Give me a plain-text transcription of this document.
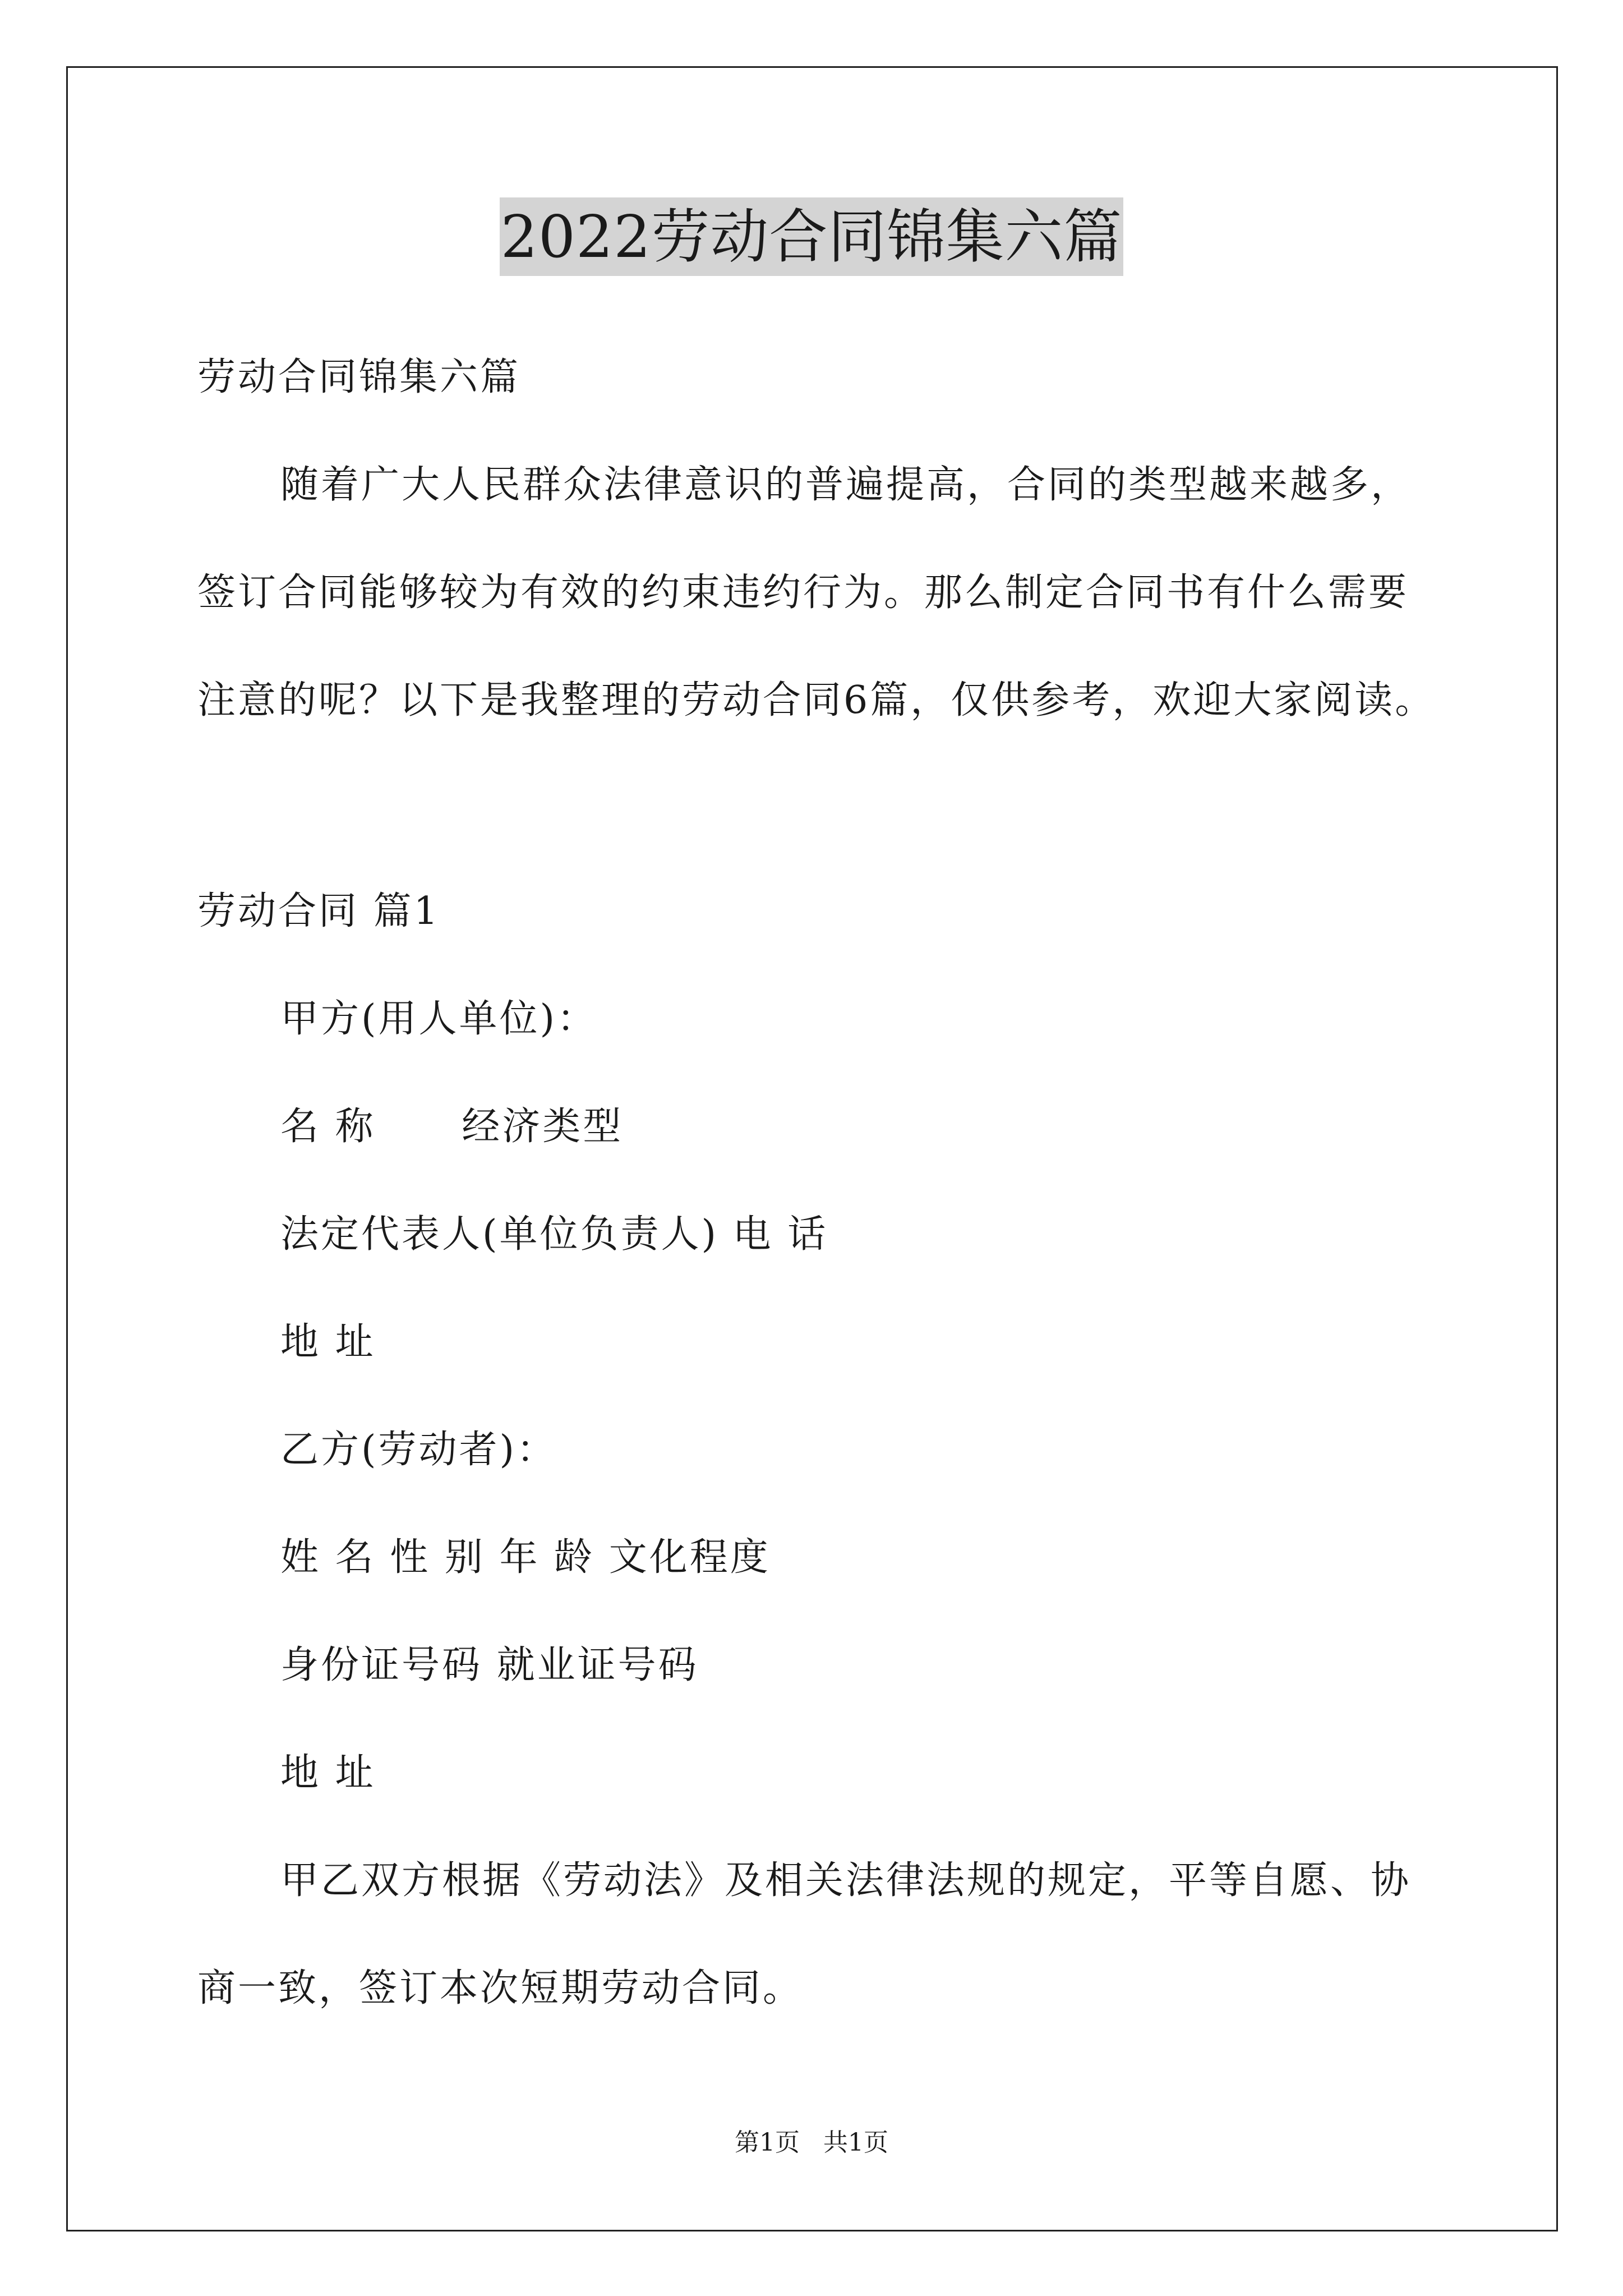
2022劳动合同锦集六篇
劳动合同锦集六篇
随着广大人民群众法律意识的普遍提高，合同的类型越来越多，
签订合同能够较为有效的约束违约行为。那么制定合同书有什么需要
注意的呢？以下是我整理的劳动合同6篇，仅供参考，欢迎大家阅读。
劳动合同 篇1
甲方(用人单位)：
名 称      经济类型
法定代表人(单位负责人) 电 话
地 址
乙方(劳动者)：
姓 名 性 别 年 龄 文化程度
身份证号码 就业证号码
地 址
甲乙双方根据《劳动法》及相关法律法规的规定，平等自愿、协
商一致，签订本次短期劳动合同。
第1页   共1页
